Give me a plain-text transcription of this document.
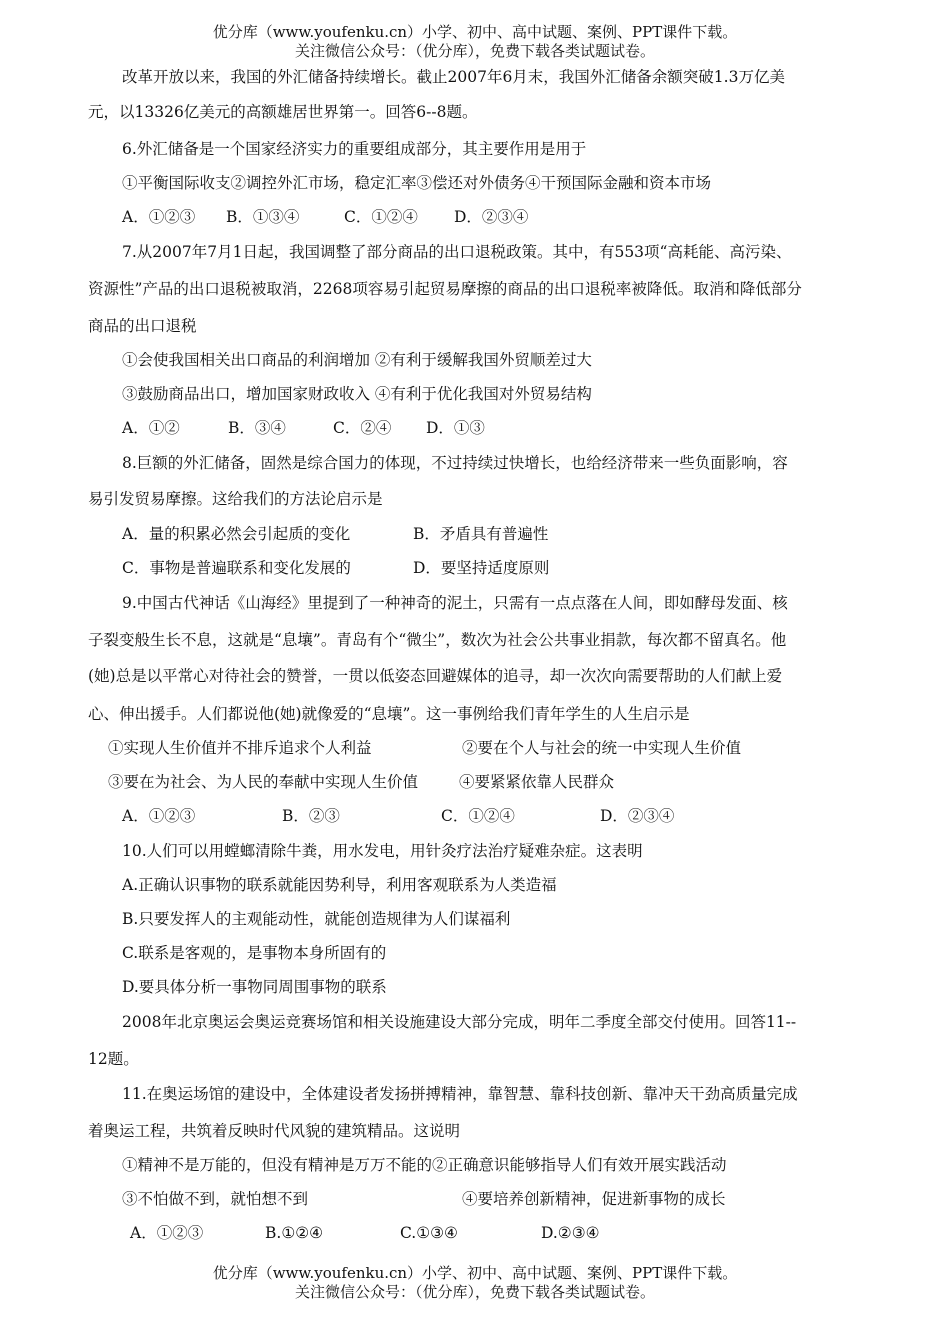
优分库（www.youfenku.cn）小学、初中、高中试题、案例、PPT课件下载。
关注微信公众号：（优分库），免费下载各类试题试卷。
改革开放以来，我国的外汇储备持续增长。截止2007年6月末，我国外汇储备余额突破1.3万亿美
元，以13326亿美元的高额雄居世界第一。回答6--8题。
6.外汇储备是一个国家经济实力的重要组成部分，其主要作用是用于
①平衡国际收支②调控外汇市场，稳定汇率③偿还对外债务④干预国际金融和资本市场
A．①②③ B．①③④	C．①②④ D．②③④
7.从2007年7月1日起，我国调整了部分商品的出口退税政策。其中，有553项“高耗能、高污染、
资源性”产品的出口退税被取消，2268项容易引起贸易摩擦的商品的出口退税率被降低。取消和降低部分
商品的出口退税
①会使我国相关出口商品的利润增加 ②有利于缓解我国外贸顺差过大
③鼓励商品出口，增加国家财政收入 ④有利于优化我国对外贸易结构
A．①②	B．③④	C．②④ D．①③
8.巨额的外汇储备，固然是综合国力的体现，不过持续过快增长，也给经济带来一些负面影响，容
易引发贸易摩擦。这给我们的方法论启示是
A．量的积累必然会引起质的变化	B．矛盾具有普遍性
C．事物是普遍联系和变化发展的	D．要坚持适度原则
9.中国古代神话《山海经》里提到了一种神奇的泥土，只需有一点点落在人间，即如酵母发面、核
子裂变般生长不息，这就是“息壤”。青岛有个“微尘”，数次为社会公共事业捐款，每次都不留真名。他
(她)总是以平常心对待社会的赞誉，一贯以低姿态回避媒体的追寻，却一次次向需要帮助的人们献上爱
心、伸出援手。人们都说他(她)就像爱的“息壤”。这一事例给我们青年学生的人生启示是
①实现人生价值并不排斥追求个人利益	②要在个人与社会的统一中实现人生价值
③要在为社会、为人民的奉献中实现人生价值	④要紧紧依靠人民群众
A．①②③	B．②③	C．①②④	D．②③④
10.人们可以用螳螂清除牛粪，用水发电，用针灸疗法治疗疑难杂症。这表明
A.正确认识事物的联系就能因势利导，利用客观联系为人类造福
B.只要发挥人的主观能动性，就能创造规律为人们谋福利
C.联系是客观的，是事物本身所固有的
D.要具体分析一事物同周围事物的联系
2008年北京奥运会奥运竞赛场馆和相关设施建设大部分完成，明年二季度全部交付使用。回答11--
12题。
11.在奥运场馆的建设中，全体建设者发扬拼搏精神，靠智慧、靠科技创新、靠冲天干劲高质量完成
着奥运工程，共筑着反映时代风貌的建筑精品。这说明
①精神不是万能的，但没有精神是万万不能的②正确意识能够指导人们有效开展实践活动
③不怕做不到，就怕想不到	④要培养创新精神，促进新事物的成长
A．①②③	B.①②④	C.①③④	D.②③④
优分库（www.youfenku.cn）小学、初中、高中试题、案例、PPT课件下载。
关注微信公众号：（优分库），免费下载各类试题试卷。
